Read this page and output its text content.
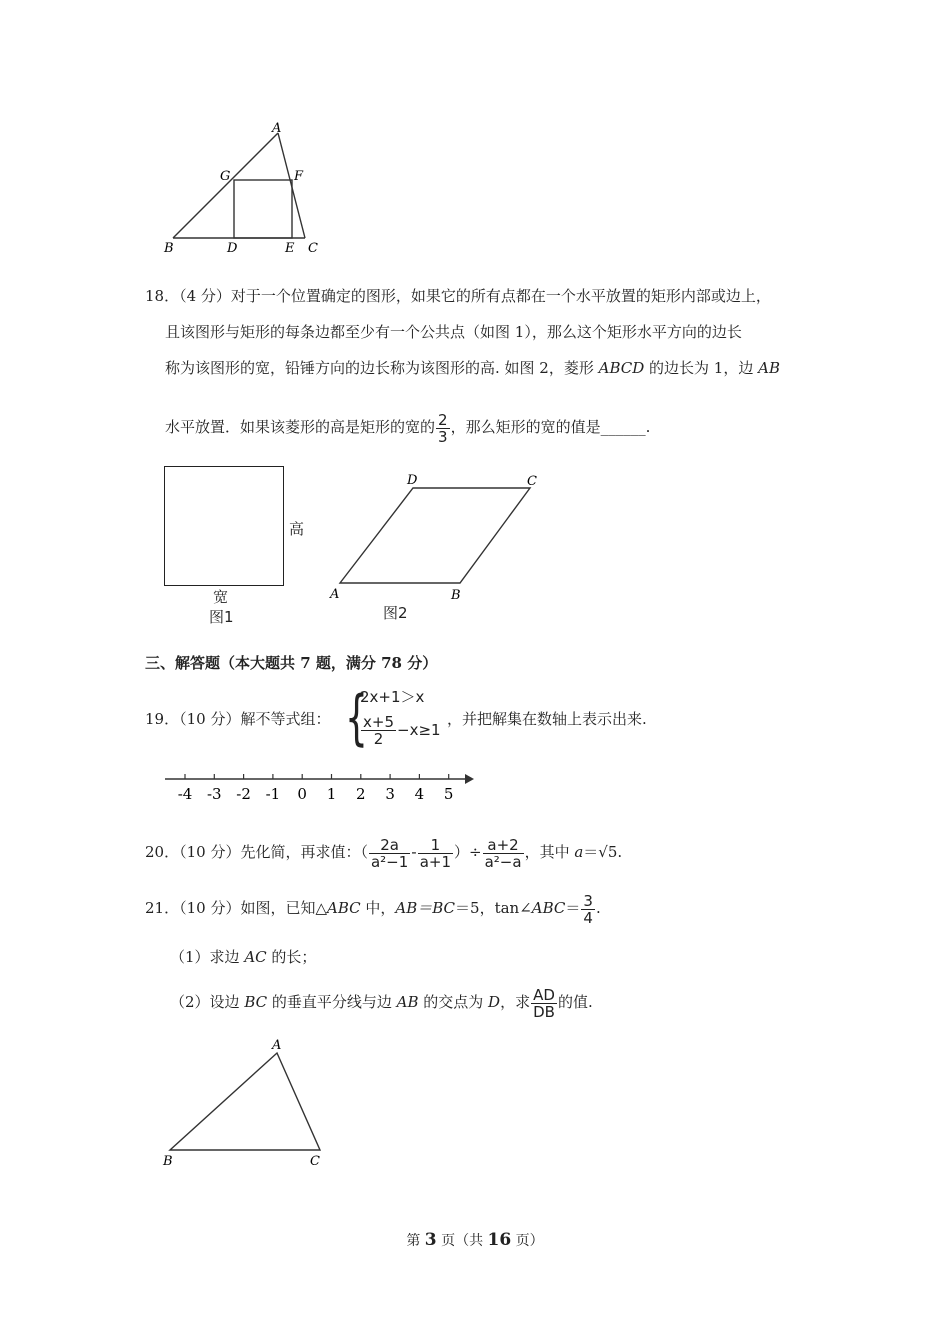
A
G	F
B	D	E C
18．（4 分）对于一个位置确定的图形，如果它的所有点都在一个水平放置的矩形内部或边上，
且该图形与矩形的每条边都至少有一个公共点（如图 1），那么这个矩形水平方向的边长
称为该图形的宽，铅锤方向的边长称为该图形的高. 如图 2，菱形 ABCD 的边长为 1，边 AB
水平放置．如果该菱形的高是矩形的宽的 $\frac{2}{3}$ ，那么矩形的宽的值是______.
高
宽
图1
D	C
A	B
图2
三、解答题（本大题共 7 题，满分 78 分）
19．（10 分）解不等式组： {
2x+1＞x
$\frac{x+5}{2} -x\ge 1$
，并把解集在数轴上表示出来.
-4 -3 -2 -1 0 1 2 3 4 5
20．（10 分）先化简，再求值：（ $\frac{2a}{\text{a²−1}} - \frac{1}{a+1}$ ）÷ $\frac{a+2}{\text{a²−a}}$ ，其中 a＝√5.
21．（10 分）如图，已知△ABC 中，AB＝BC＝5，tan∠ABC＝ $\frac{3}{4}$ .
（1）求边 AC 的长；
（2）设边 BC 的垂直平分线与边 AB 的交点为 D，求 $\frac{AD}{DB}$ 的值.
A
B	C
第 3 页（共 16 页）
